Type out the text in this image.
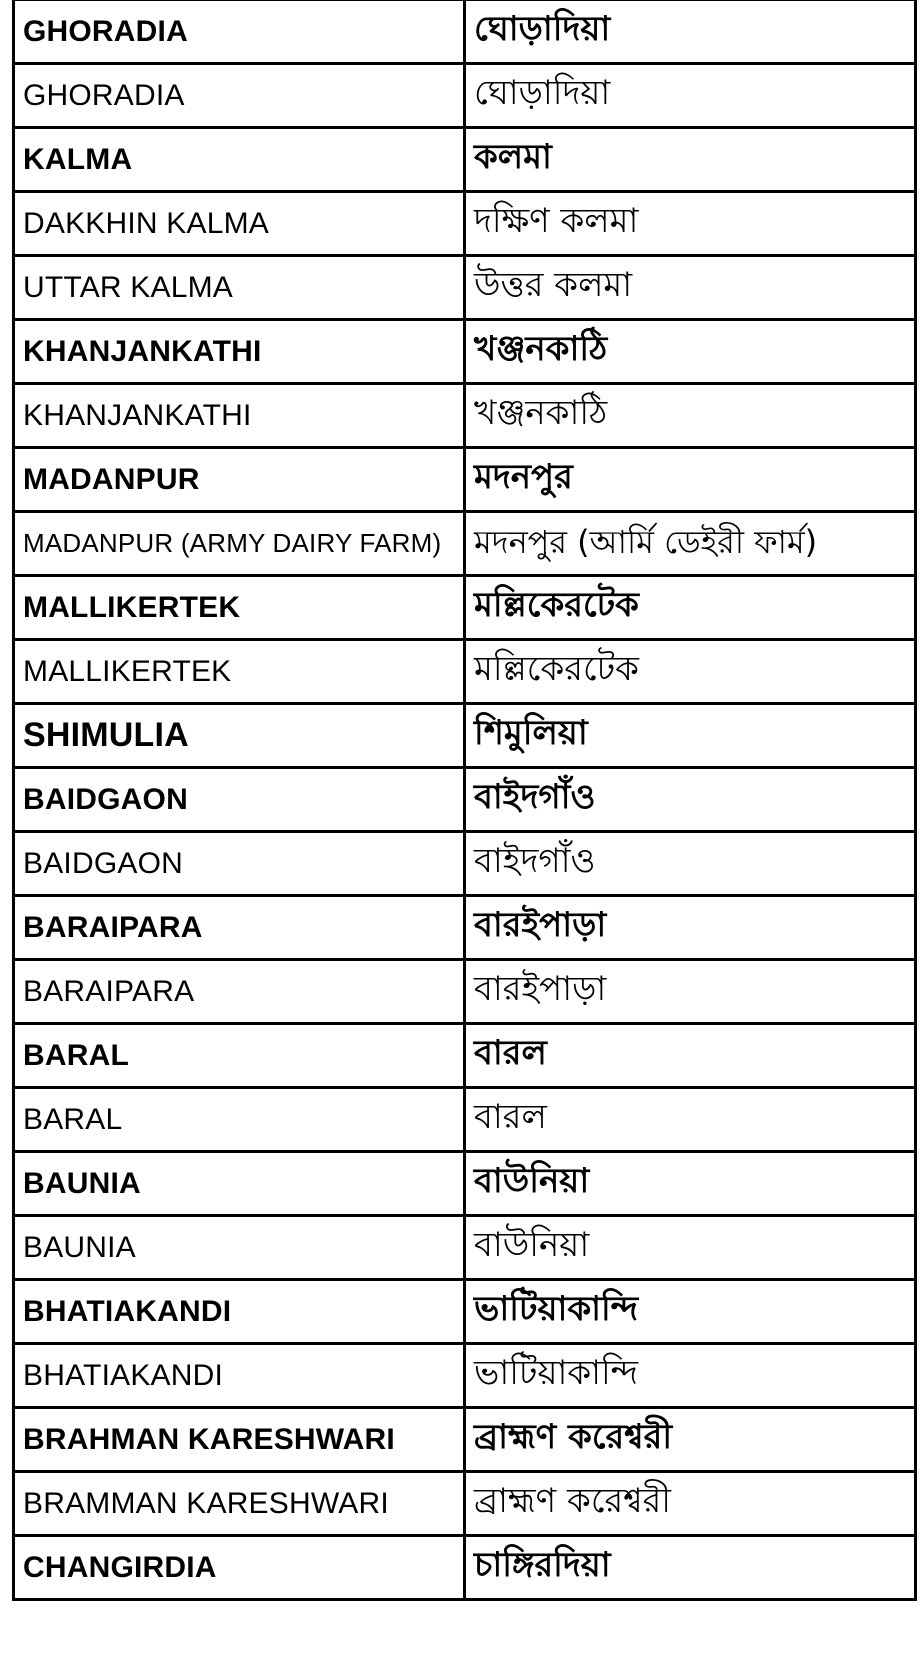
GHORADIA	ঘোড়াদিয়া
GHORADIA	ঘোড়াদিয়া
KALMA	কলমা
DAKKHIN KALMA	দক্ষিণ কলমা
UTTAR KALMA	উত্তর কলমা
KHANJANKATHI	খঞ্জনকাঠি
KHANJANKATHI	খঞ্জনকাঠি
MADANPUR	মদনপুর
MADANPUR (ARMY DAIRY FARM)	মদনপুর (আর্মি ডেইরী ফার্ম)
MALLIKERTEK	মল্লিকেরটেক
MALLIKERTEK	মল্লিকেরটেক
SHIMULIA	শিমুলিয়া
BAIDGAON	বাইদগাঁও
BAIDGAON	বাইদগাঁও
BARAIPARA	বারইপাড়া
BARAIPARA	বারইপাড়া
BARAL	বারল
BARAL	বারল
BAUNIA	বাউনিয়া
BAUNIA	বাউনিয়া
BHATIAKANDI	ভাটিয়াকান্দি
BHATIAKANDI	ভাটিয়াকান্দি
BRAHMAN KARESHWARI	ব্রাহ্মণ করেশ্বরী
BRAMMAN KARESHWARI	ব্রাহ্মণ করেশ্বরী
CHANGIRDIA	চাঙ্গিরদিয়া
